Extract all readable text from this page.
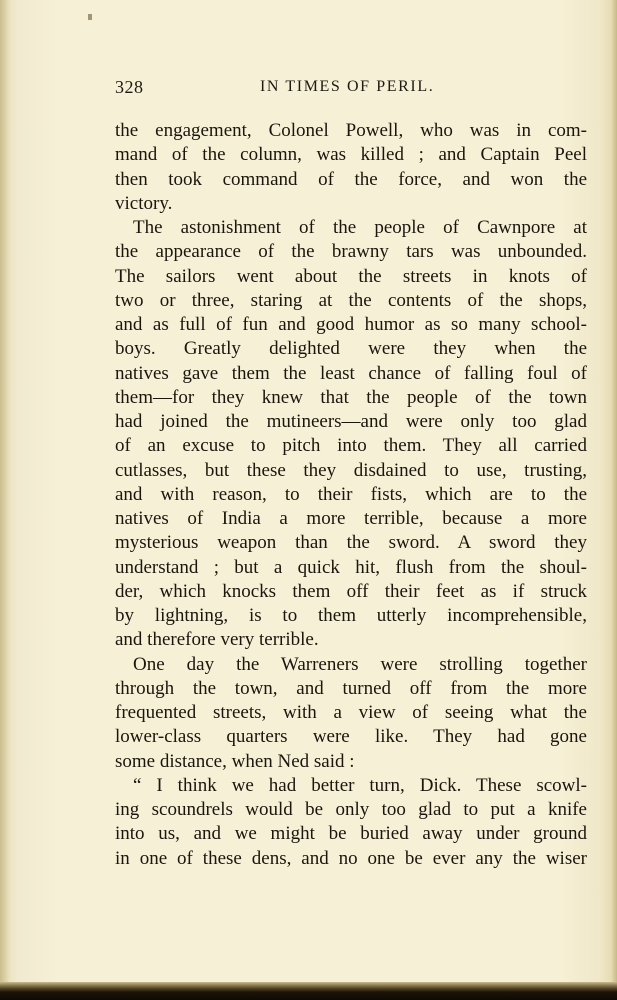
328	IN TIMES OF PERIL.
the engagement, Colonel Powell, who was in com-
mand of the column, was killed ; and Captain Peel
then took command of the force, and won the
victory.
The astonishment of the people of Cawnpore at
the appearance of the brawny tars was unbounded.
The sailors went about the streets in knots of
two or three, staring at the contents of the shops,
and as full of fun and good humor as so many school-
boys. Greatly delighted were they when the
natives gave them the least chance of falling foul of
them—for they knew that the people of the town
had joined the mutineers—and were only too glad
of an excuse to pitch into them. They all carried
cutlasses, but these they disdained to use, trusting,
and with reason, to their fists, which are to the
natives of India a more terrible, because a more
mysterious weapon than the sword. A sword they
understand ; but a quick hit, flush from the shoul-
der, which knocks them off their feet as if struck
by lightning, is to them utterly incomprehensible,
and therefore very terrible.
One day the Warreners were strolling together
through the town, and turned off from the more
frequented streets, with a view of seeing what the
lower-class quarters were like. They had gone
some distance, when Ned said :
“ I think we had better turn, Dick. These scowl-
ing scoundrels would be only too glad to put a knife
into us, and we might be buried away under ground
in one of these dens, and no one be ever any the wiser
